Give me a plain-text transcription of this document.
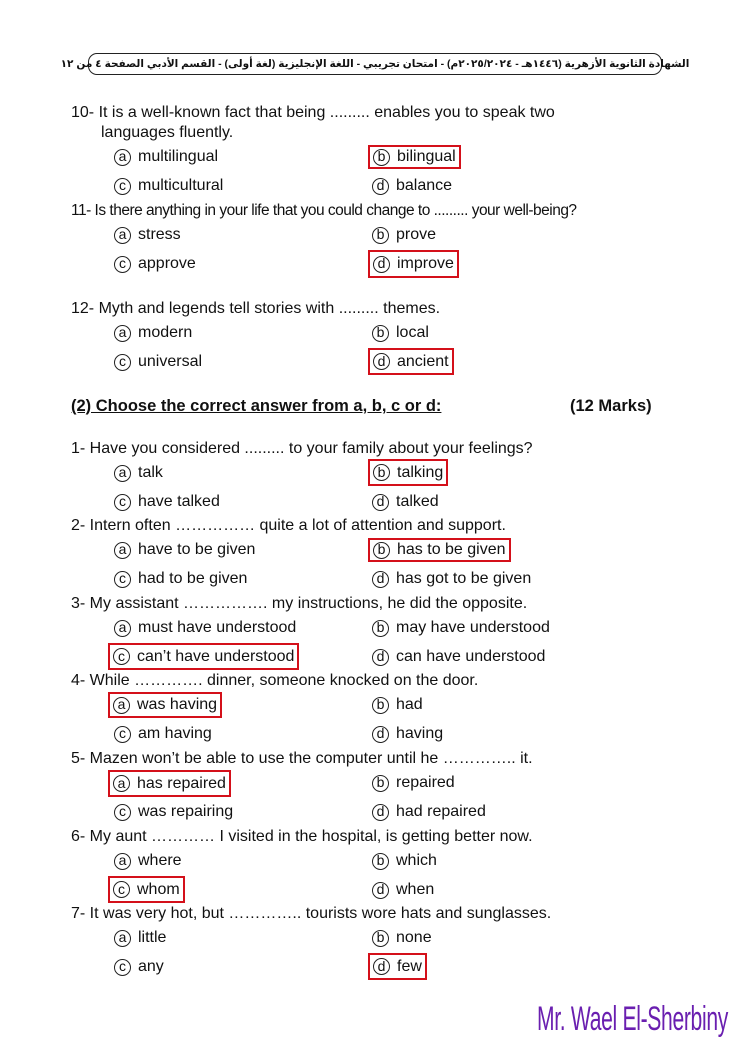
الشهادة الثانوية الأزهرية (١٤٤٦هـ - ٢٠٢٥/٢٠٢٤م) - امتحان تجريبي - اللغة الإنجليزية (لغة أولى) - القسم الأدبي الصفحة ٤ من ١٢
10- It is a well-known fact that being ......... enables you to speak two
languages fluently.
a multilingual	b bilingual
c multicultural	d balance
11- Is there anything in your life that you could change to ......... your well-being?
a stress	b prove
c approve	d improve
12- Myth and legends tell stories with ......... themes.
a modern	b local
c universal	d ancient
(2) Choose the correct answer from a, b, c or d:	(12 Marks)
1- Have you considered ......... to your family about your feelings?
a talk	b talking
c have talked	d talked
2- Intern often …………… quite a lot of attention and support.
a have to be given	b has to be given
c had to be given	d has got to be given
3- My assistant ……………. my instructions, he did the opposite.
a must have understood	b may have understood
c can’t have understood	d can have understood
4- While …………. dinner, someone knocked on the door.
a was having	b had
c am having	d having
5- Mazen won’t be able to use the computer until he ………….. it.
a has repaired	b repaired
c was repairing	d had repaired
6- My aunt ………… I visited in the hospital, is getting better now.
a where	b which
c whom	d when
7- It was very hot, but ………….. tourists wore hats and sunglasses.
a little	b none
c any	d few
Mr. Wael El-Sherbiny
